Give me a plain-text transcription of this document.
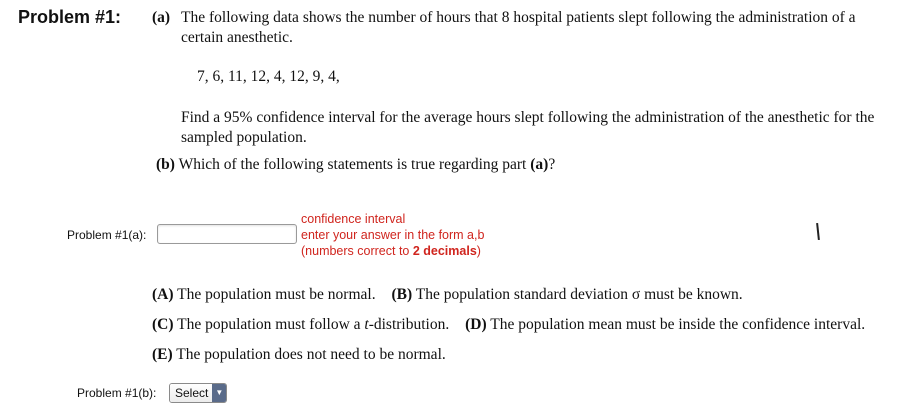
Problem #1: (a) The following data shows the number of hours that 8 hospital patients slept following the administration of a certain anesthetic.
7, 6, 11, 12, 4, 12, 9, 4,
Find a 95% confidence interval for the average hours slept following the administration of the anesthetic for the sampled population.
(b) Which of the following statements is true regarding part (a)?
Problem #1(a):
confidence interval
enter your answer in the form a,b
(numbers correct to 2 decimals)
(A) The population must be normal. (B) The population standard deviation σ must be known.
(C) The population must follow a t-distribution. (D) The population mean must be inside the confidence interval.
(E) The population does not need to be normal.
Problem #1(b):	Select ▼
